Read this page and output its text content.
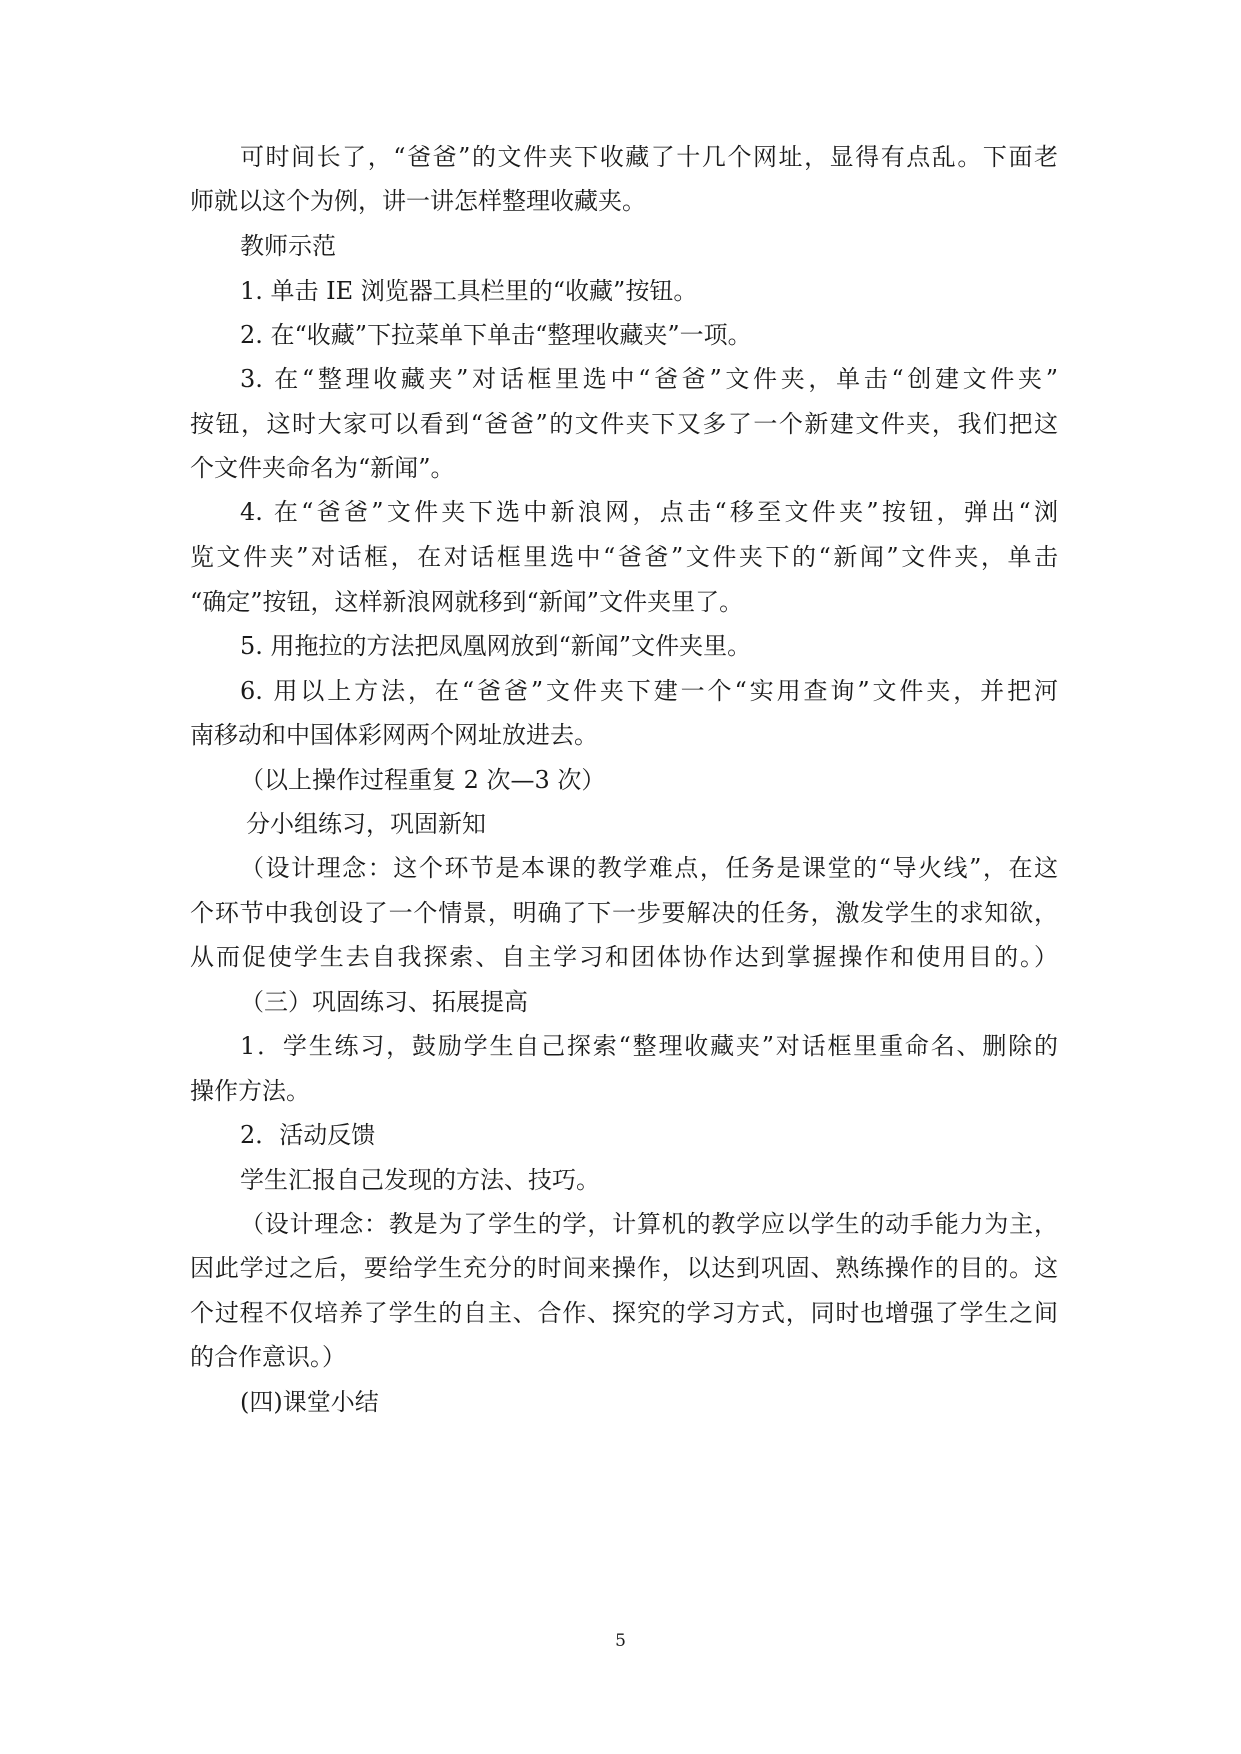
可时间长了，“爸爸”的文件夹下收藏了十几个网址，显得有点乱。下面老
师就以这个为例，讲一讲怎样整理收藏夹。
教师示范
1. 单击 IE 浏览器工具栏里的“收藏”按钮。
2. 在“收藏”下拉菜单下单击“整理收藏夹”一项。
3. 在“整理收藏夹”对话框里选中“爸爸”文件夹，单击“创建文件夹”
按钮，这时大家可以看到“爸爸”的文件夹下又多了一个新建文件夹，我们把这
个文件夹命名为“新闻”。
4. 在“爸爸”文件夹下选中新浪网，点击“移至文件夹”按钮，弹出“浏
览文件夹”对话框，在对话框里选中“爸爸”文件夹下的“新闻”文件夹，单击
“确定”按钮，这样新浪网就移到“新闻”文件夹里了。
5. 用拖拉的方法把凤凰网放到“新闻”文件夹里。
6. 用以上方法，在“爸爸”文件夹下建一个“实用查询”文件夹，并把河
南移动和中国体彩网两个网址放进去。
（以上操作过程重复 2 次—3 次）
分小组练习，巩固新知
（设计理念：这个环节是本课的教学难点，任务是课堂的“导火线”，在这
个环节中我创设了一个情景，明确了下一步要解决的任务，激发学生的求知欲，
从而促使学生去自我探索、自主学习和团体协作达到掌握操作和使用目的。）
（三）巩固练习、拓展提高
1．学生练习，鼓励学生自己探索“整理收藏夹”对话框里重命名、删除的
操作方法。
2．活动反馈
学生汇报自己发现的方法、技巧。
（设计理念：教是为了学生的学，计算机的教学应以学生的动手能力为主，
因此学过之后，要给学生充分的时间来操作，以达到巩固、熟练操作的目的。这
个过程不仅培养了学生的自主、合作、探究的学习方式，同时也增强了学生之间
的合作意识。）
(四)课堂小结
5
